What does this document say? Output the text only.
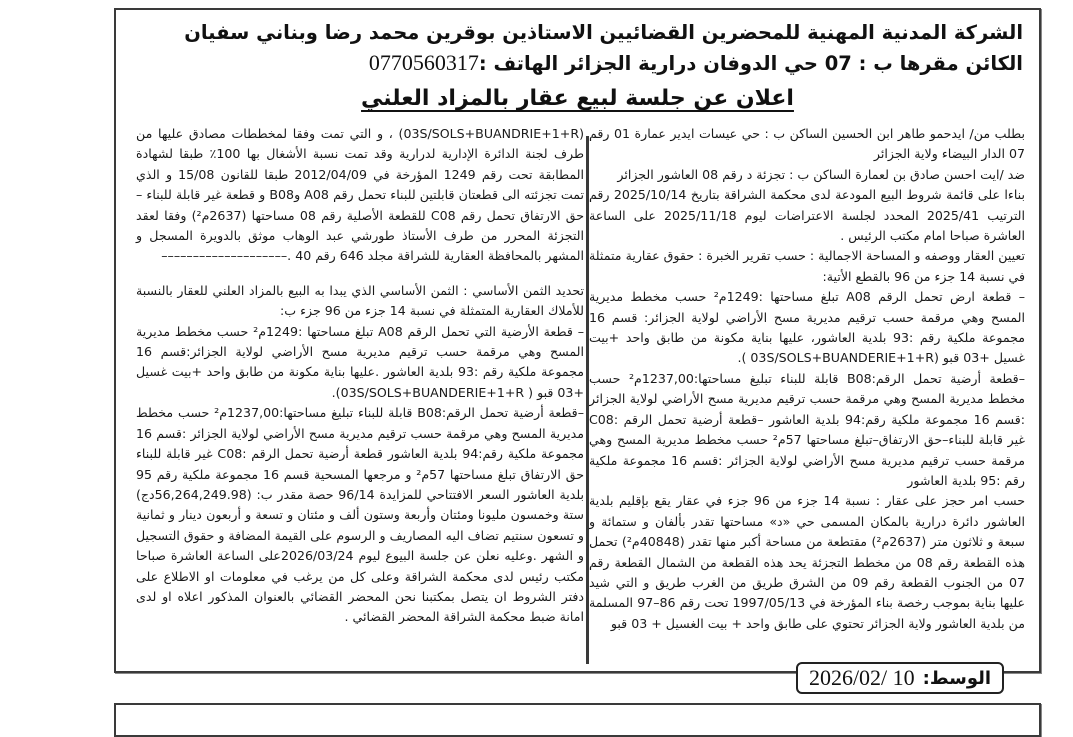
الشركة المدنية المهنية للمحضرين القضائيين الاستاذين بوقرين محمد رضا وبناني سفيان
الكائن مقرها ب : 07 حي الدوفان درارية الجزائر الهاتف :0770560317
اعلان عن جلسة لبيع عقار بالمزاد العلني

بطلب من/ ايدحمو طاهر ابن الحسين الساكن ب : حي عيسات ايدير عمارة 01 رقم 07 الدار البيضاء ولاية الجزائر

ضد /ايت احسن صادق بن لعمارة الساكن ب : تجزئة د رقم 08 العاشور الجزائر

بناءا على قائمة شروط البيع المودعة لدى محكمة الشراقة بتاريخ 2025/10/14 رقم الترتيب 2025/41 المحدد لجلسة الاعتراضات ليوم 2025/11/18 على الساعة العاشرة صباحا امام مكتب الرئيس .

تعيين العقار ووصفه و المساحة الاجمالية : حسب تقرير الخبرة : حقوق عقارية متمثلة في نسبة 14 جزء من 96 بالقطع الأتية:

– قطعة ارض تحمل الرقم A08 تبلغ مساحتها :1249م² حسب مخطط مديرية المسح وهي مرقمة حسب ترقيم مديرية مسح الأراضي لولاية الجزائر: قسم 16 مجموعة ملكية رقم :93 بلدية العاشور، عليها بناية مكونة من طابق واحد +بيت غسيل +03 قبو (03S/SOLS+BUANDERIE+1+R ).

–قطعة أرضية تحمل الرقم:B08 قابلة للبناء تبليغ مساحتها:1237,00م² حسب مخطط مديرية المسح وهي مرقمة حسب ترقيم مديرية مسح الأراضي لولاية الجزائر :قسم 16 مجموعة ملكية رقم:94 بلدية العاشور –قطعة أرضية تحمل الرقم :C08 غير قابلة للبناء–حق الارتفاق–تبلغ مساحتها 57م² حسب مخطط مديرية المسح وهي مرقمة حسب ترقيم مديرية مسح الأراضي لولاية الجزائر :قسم 16 مجموعة ملكية رقم :95 بلدية العاشور

حسب امر حجز على عقار : نسبة 14 جزء من 96 جزء في عقار يقع بإقليم بلدية العاشور دائرة درارية بالمكان المسمى حي «د» مساحتها تقدر بألفان و ستمائة و سبعة و ثلاثون متر (2637م²) مقتطعة من مساحة أكبر منها تقدر (40848م²) تحمل هذه القطعة رقم 08 من مخطط التجزئة يحد هذه القطعة من الشمال القطعة رقم 07 من الجنوب القطعة رقم 09 من الشرق طريق من الغرب طريق و التي شيد عليها بناية بموجب رخصة بناء المؤرخة في 1997/05/13 تحت رقم 86–97 المسلمة من بلدية العاشور ولاية الجزائر تحتوي على طابق واحد + بيت الغسيل + 03 قبو

(03S/SOLS+BUANDRIE+1+R) ، و التي تمت وفقا لمخططات مصادق عليها من طرف لجنة الدائرة الإدارية لدرارية وقد تمت نسبة الأشغال بها 100٪ طبقا لشهادة المطابقة تحت رقم 1249 المؤرخة في 2012/04/09 طبقا للقانون 15/08 و الذي تمت تجزئته الى قطعتان قابلتين للبناء تحمل رقم A08 وB08 و قطعة غير قابلة للبناء – حق الارتفاق تحمل رقم C08 للقطعة الأصلية رقم 08 مساحتها (2637م²) وفقا لعقد التجزئة المحرر من طرف الأستاذ طورشي عبد الوهاب موثق بالدويرة المسجل و المشهر بالمحافظة العقارية للشراقة مجلد 646 رقم 40 .––––––––––––––––––––

تحديد الثمن الأساسي : الثمن الأساسي الذي يبدا به البيع بالمزاد العلني للعقار بالنسبة للأملاك العقارية المتمثلة في نسبة 14 جزء من 96 جزء ب:

– قطعة الأرضية التي تحمل الرقم A08 تبلغ مساحتها :1249م² حسب مخطط مديرية المسح وهي مرقمة حسب ترقيم مديرية مسح الأراضي لولاية الجزائر:قسم 16 مجموعة ملكية رقم :93 بلدية العاشور .عليها بناية مكونة من طابق واحد +بيت غسيل +03 قبو ( 03S/SOLS+BUANDERIE+1+R).

–قطعة أرضية تحمل الرقم:B08 قابلة للبناء تبليغ مساحتها:1237,00م² حسب مخطط مديرية المسح وهي مرقمة حسب ترقيم مديرية مسح الأراضي لولاية الجزائر :قسم 16 مجموعة ملكية رقم:94 بلدية العاشور قطعة أرضية تحمل الرقم :C08 غير قابلة للبناء حق الارتفاق تبلغ مساحتها 57م² و مرجعها المسحية قسم 16 مجموعة ملكية رقم 95 بلدية العاشور السعر الافتتاحي للمزايدة 96/14 حصة مقدر ب: (56,264,249.98دج) ستة وخمسون مليونا ومئتان وأربعة وستون ألف و مئتان و تسعة و أربعون دينار و ثمانية و تسعون سنتيم تضاف اليه المصاريف و الرسوم على القيمة المضافة و حقوق التسجيل و الشهر .وعليه نعلن عن جلسة البيوع ليوم 2026/03/24على الساعة العاشرة صباحا مكتب رئيس لدى محكمة الشراقة وعلى كل من يرغب في معلومات او الاطلاع على دفتر الشروط ان يتصل بمكتبنا نحن المحضر القضائي بالعنوان المذكور اعلاه او لدى امانة ضبط محكمة الشراقة المحضر القضائي .

الوسط:
2026/02/ 10
